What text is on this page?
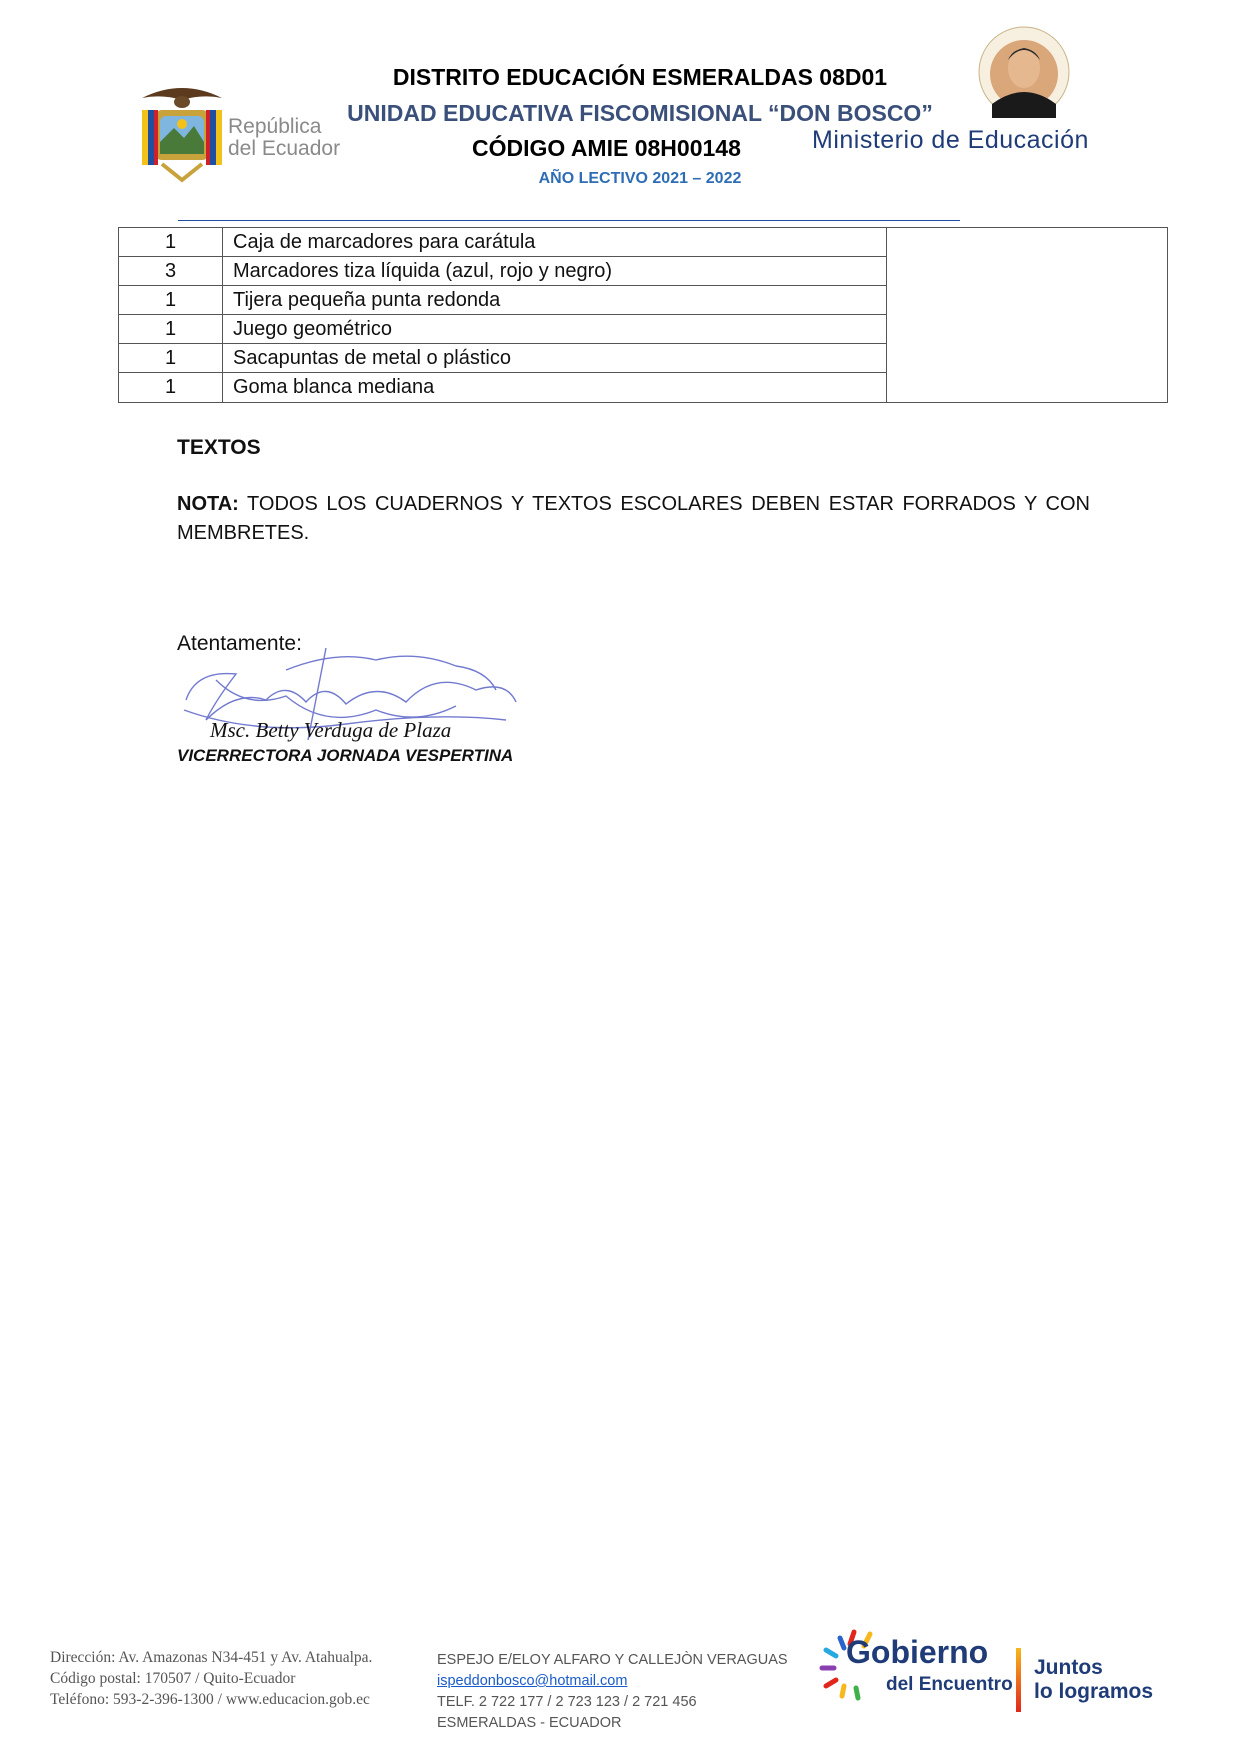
República
del Ecuador
DISTRITO EDUCACIÓN ESMERALDAS 08D01
UNIDAD EDUCATIVA FISCOMISIONAL “DON BOSCO”
CÓDIGO AMIE 08H00148
AÑO LECTIVO 2021 – 2022
Ministerio de Educación
1	Caja de marcadores para carátula
3	Marcadores tiza líquida (azul, rojo y negro)
1	Tijera pequeña punta redonda
1	Juego geométrico
1	Sacapuntas de metal o plástico
1	Goma blanca mediana
TEXTOS
NOTA: TODOS LOS CUADERNOS Y TEXTOS ESCOLARES DEBEN ESTAR FORRADOS Y CON MEMBRETES.
Atentamente:
Msc. Betty Verduga de Plaza
VICERRECTORA JORNADA VESPERTINA
Dirección: Av. Amazonas N34-451 y Av. Atahualpa.
Código postal: 170507 / Quito-Ecuador
Teléfono: 593-2-396-1300 / www.educacion.gob.ec
ESPEJO E/ELOY ALFARO Y CALLEJÒN VERAGUAS
ispeddonbosco@hotmail.com
TELF. 2 722 177 / 2 723 123 / 2 721 456
ESMERALDAS - ECUADOR
Gobierno
del Encuentro
Juntos
lo logramos
